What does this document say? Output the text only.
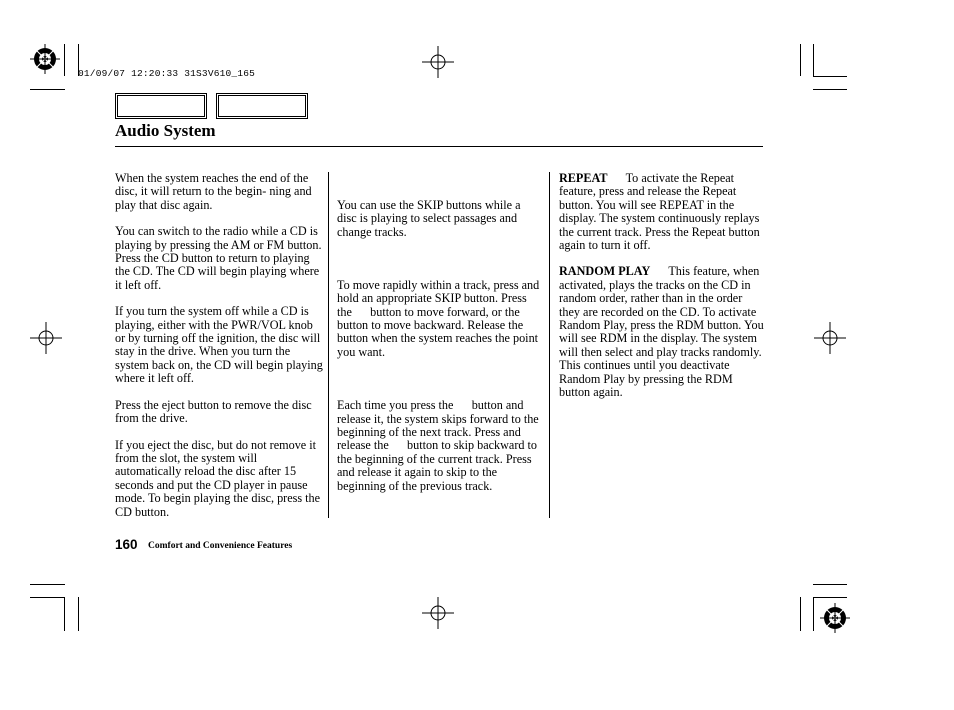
01/09/07 12:20:33 31S3V610_165
Audio System

When the system reaches the end of the disc, it will return to the begin- ning and play that disc again.

You can switch to the radio while a CD is playing by pressing the AM or FM button. Press the CD button to return to playing the CD. The CD will begin playing where it left off.

If you turn the system off while a CD is playing, either with the PWR/VOL knob or by turning off the ignition, the disc will stay in the drive. When you turn the system back on, the CD will begin playing where it left off.

Press the eject button to remove the disc from the drive.

If you eject the disc, but do not remove it from the slot, the system will automatically reload the disc after 15 seconds and put the CD player in pause mode. To begin playing the disc, press the CD button.

You can use the SKIP buttons while a disc is playing to select passages and change tracks.

To move rapidly within a track, press and hold an appropriate SKIP button. Press the      button to move forward, or the      button to move backward. Release the button when the system reaches the point you want.

Each time you press the      button and release it, the system skips forward to the beginning of the next track. Press and release the      button to skip backward to the beginning of the current track. Press and release it again to skip to the beginning of the previous track.

REPEAT To activate the Repeat feature, press and release the Repeat button. You will see REPEAT in the display. The system continuously replays the current track. Press the Repeat button again to turn it off.

RANDOM PLAY This feature, when activated, plays the tracks on the CD in random order, rather than in the order they are recorded on the CD. To activate Random Play, press the RDM button. You will see RDM in the display. The system will then select and play tracks randomly. This continues until you deactivate Random Play by pressing the RDM button again.

160 Comfort and Convenience Features
